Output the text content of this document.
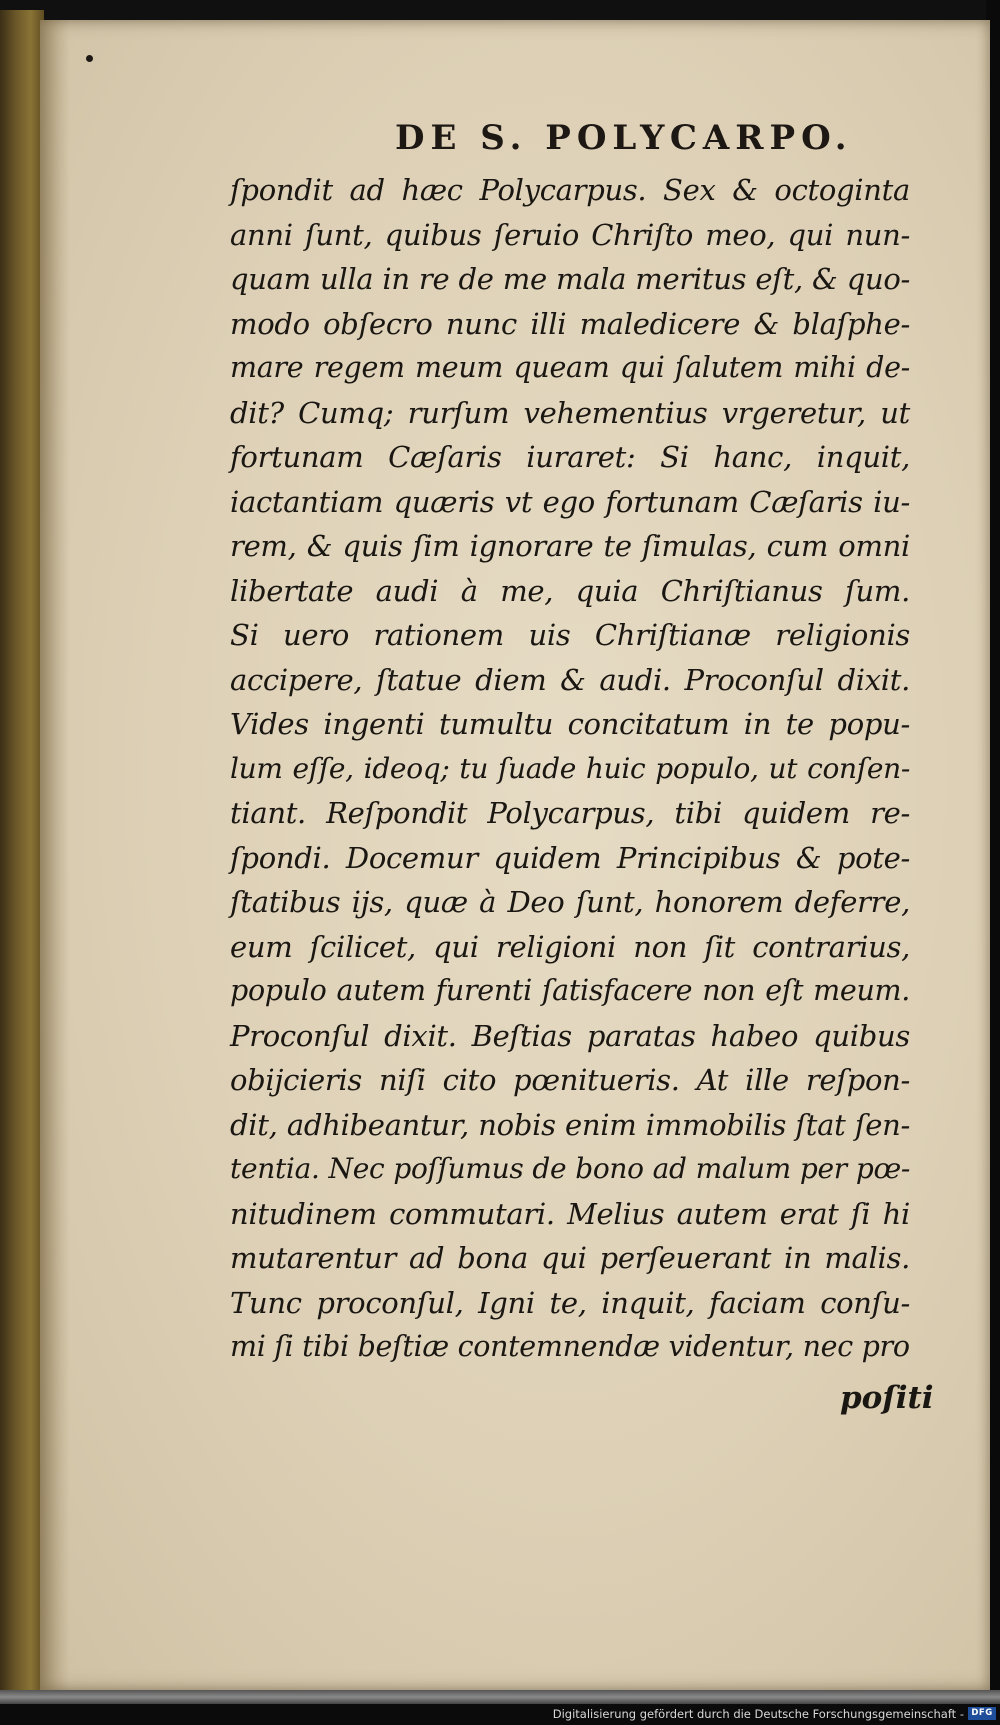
DE S. POLYCARPO.
ſpondit ad hæc Polycarpus. Sex & octoginta
anni ſunt, quibus ſeruio Chriſto meo, qui nun-
quam ulla in re de me mala meritus eſt, & quo-
modo obſecro nunc illi maledicere & blaſphe-
mare regem meum queam qui ſalutem mihi de-
dit? Cumq; rurſum vehementius vrgeretur, ut
fortunam Cæſaris iuraret: Si hanc, inquit,
iactantiam quæris vt ego fortunam Cæſaris iu-
rem, & quis ſim ignorare te ſimulas, cum omni
libertate audi à me, quia Chriſtianus ſum.
Si uero rationem uis Chriſtianæ religionis
accipere, ſtatue diem & audi. Proconſul dixit.
Vides ingenti tumultu concitatum in te popu-
lum eſſe, ideoq; tu ſuade huic populo, ut conſen-
tiant. Reſpondit Polycarpus, tibi quidem re-
ſpondi. Docemur quidem Principibus & pote-
ſtatibus ijs, quæ à Deo ſunt, honorem deferre,
eum ſcilicet, qui religioni non ſit contrarius,
populo autem furenti ſatisfacere non eſt meum.
Proconſul dixit. Beſtias paratas habeo quibus
obijcieris niſi cito pœnitueris. At ille reſpon-
dit, adhibeantur, nobis enim immobilis ſtat ſen-
tentia. Nec poſſumus de bono ad malum per pœ-
nitudinem commutari. Melius autem erat ſi hi
mutarentur ad bona qui perſeuerant in malis.
Tunc proconſul, Igni te, inquit, faciam conſu-
mi ſi tibi beſtiæ contemnendæ videntur, nec pro
poſiti
Digitalisierung gefördert durch die Deutsche Forschungsgemeinschaft - DFG
